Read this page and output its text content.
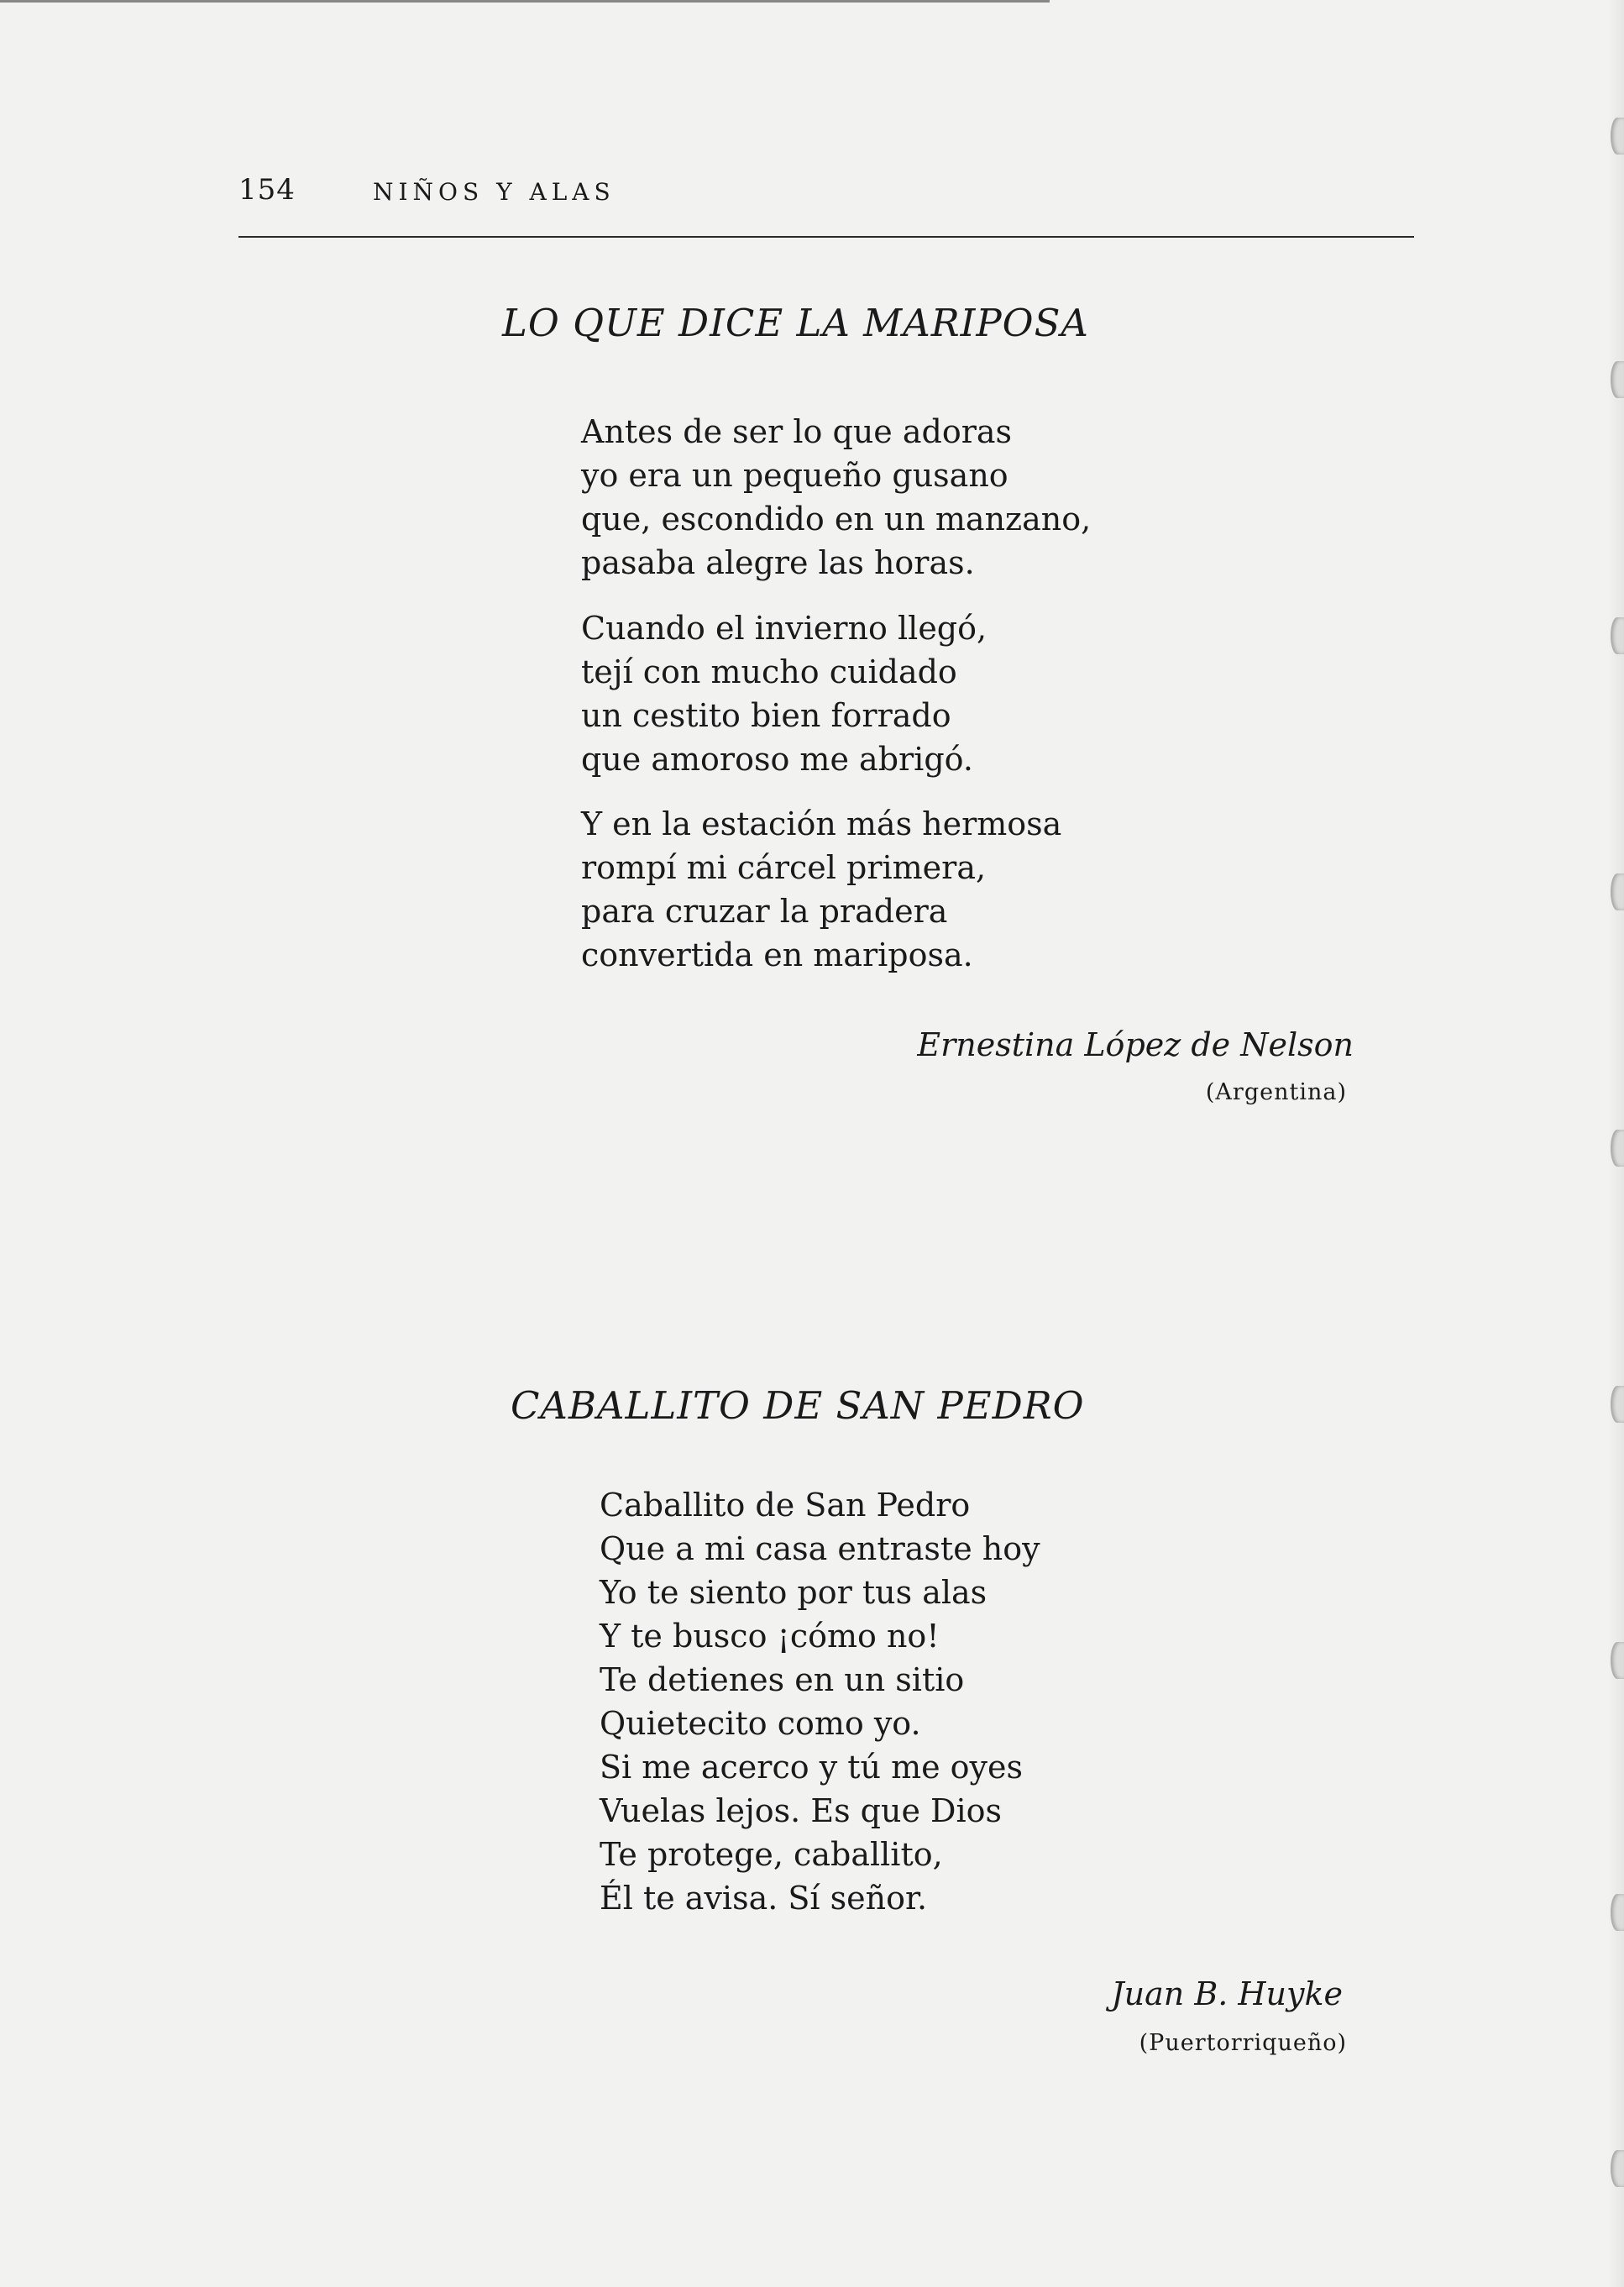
154	NIÑOS Y ALAS
LO QUE DICE LA MARIPOSA
Antes de ser lo que adoras
yo era un pequeño gusano
que, escondido en un manzano,
pasaba alegre las horas.
Cuando el invierno llegó,
tejí con mucho cuidado
un cestito bien forrado
que amoroso me abrigó.
Y en la estación más hermosa
rompí mi cárcel primera,
para cruzar la pradera
convertida en mariposa.
Ernestina López de Nelson
(Argentina)
CABALLITO DE SAN PEDRO
Caballito de San Pedro
Que a mi casa entraste hoy
Yo te siento por tus alas
Y te busco ¡cómo no!
Te detienes en un sitio
Quietecito como yo.
Si me acerco y tú me oyes
Vuelas lejos. Es que Dios
Te protege, caballito,
Él te avisa. Sí señor.
Juan B. Huyke
(Puertorriqueño)
